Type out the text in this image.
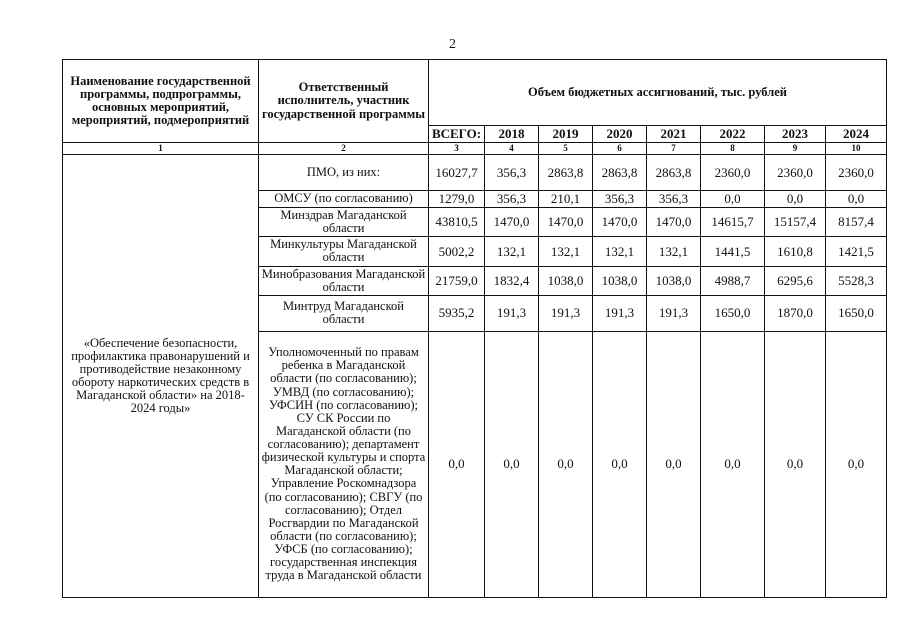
2
Наименование государственной программы, подпрограммы, основных мероприятий, мероприятий, подмероприятий	Ответственный исполнитель, участник государственной программы	Объем бюджетных ассигнований, тыс. рублей							
		ВСЕГО:	2018	2019	2020	2021	2022	2023	2024
1	2	3	4	5	6	7	8	9	10
«Обеспечение безопасности, профилактика правонарушений и противодействие незаконному обороту наркотических средств в Магаданской области» на 2018-2024 годы»	ПМО, из них:	16027,7	356,3	2863,8	2863,8	2863,8	2360,0	2360,0	2360,0
	ОМСУ (по согласованию)	1279,0	356,3	210,1	356,3	356,3	0,0	0,0	0,0
	Минздрав Магаданской области	43810,5	1470,0	1470,0	1470,0	1470,0	14615,7	15157,4	8157,4
	Минкультуры Магаданской области	5002,2	132,1	132,1	132,1	132,1	1441,5	1610,8	1421,5
	Минобразования Магаданской области	21759,0	1832,4	1038,0	1038,0	1038,0	4988,7	6295,6	5528,3
	Минтруд Магаданской области	5935,2	191,3	191,3	191,3	191,3	1650,0	1870,0	1650,0
	Уполномоченный по правам ребенка в Магаданской области (по согласованию); УМВД (по согласованию); УФСИН (по согласованию); СУ СК России по Магаданской области (по согласованию); департамент физической культуры и спорта Магаданской области; Управление Роскомнадзора (по согласованию); СВГУ (по согласованию); Отдел Росгвардии по Магаданской области (по согласованию); УФСБ (по согласованию); государственная инспекция труда в Магаданской области	0,0	0,0	0,0	0,0	0,0	0,0	0,0	0,0
